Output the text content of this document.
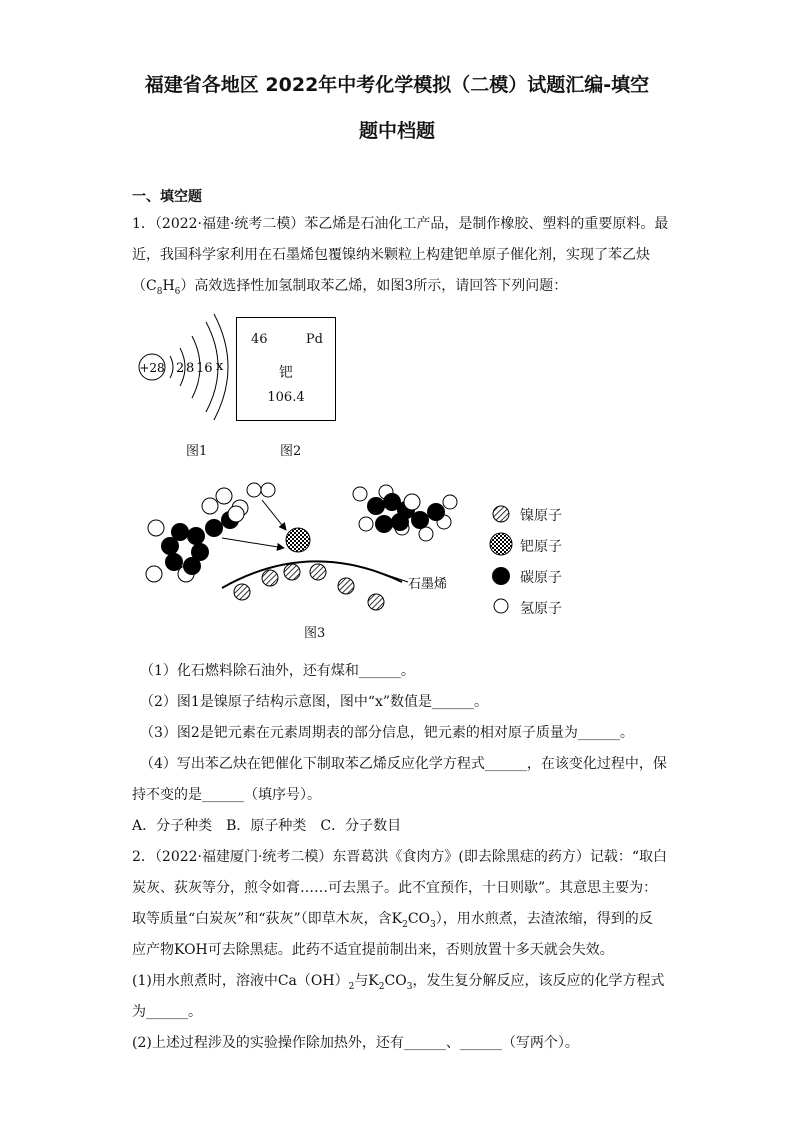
福建省各地区 2022年中考化学模拟（二模）试题汇编-填空
题中档题
一、填空题
1．（2022·福建·统考二模）苯乙烯是石油化工产品，是制作橡胶、塑料的重要原料。最
近，我国科学家利用在石墨烯包覆镍纳米颗粒上构建钯单原子催化剂，实现了苯乙炔
$(C_8H_6)$高效选择性加氢制取苯乙烯，如图3所示，请回答下列问题：
+28 2 8 16 x
图1
46	Pd
钯
106.4
图2
石墨烯
镍原子
钯原子
碳原子
氢原子
图3
（1）化石燃料除石油外，还有煤和______。
（2）图1是镍原子结构示意图，图中“x”数值是______。
（3）图2是钯元素在元素周期表的部分信息，钯元素的相对原子质量为______。
（4）写出苯乙炔在钯催化下制取苯乙烯反应化学方程式______，在该变化过程中，保
持不变的是______（填序号）。
A．分子种类　B．原子种类　C．分子数目
2．（2022·福建厦门·统考二模）东晋葛洪《食肉方》(即去除黑痣的药方）记载：“取白
炭灰、荻灰等分，煎令如膏……可去黑子。此不宜预作，十日则歇”。其意思主要为：
取等质量“白炭灰”和“荻灰”（即草木灰，含$K_2CO_3$），用水煎煮，去渣浓缩，得到的反
应产物KOH可去除黑痣。此药不适宜提前制出来，否则放置十多天就会失效。
(1)用水煎煮时，溶液中$Ca(OH)_2$与$K_2CO_3$，发生复分解反应，该反应的化学方程式
为______。
(2)上述过程涉及的实验操作除加热外，还有______、______（写两个）。
